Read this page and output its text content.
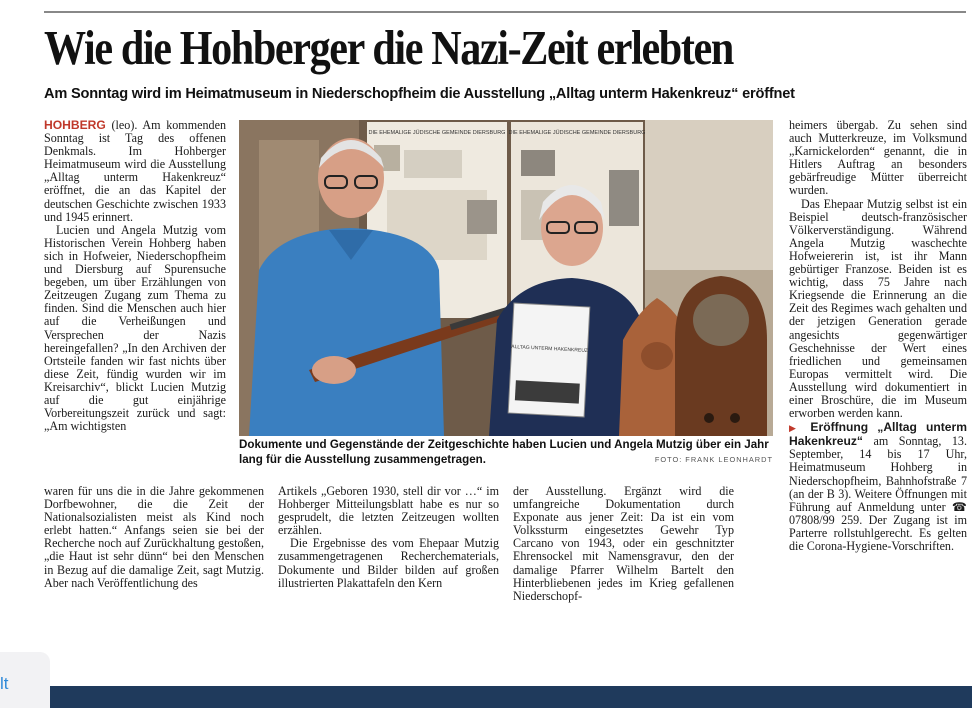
Wie die Hohberger die Nazi-Zeit erlebten
Am Sonntag wird im Heimatmuseum in Niederschopfheim die Ausstellung „Alltag unterm Hakenkreuz“ eröffnet

HOHBERG (leo). Am kommenden Sonntag ist Tag des offenen Denkmals. Im Hohberger Heimatmuseum wird die Ausstellung „Alltag unterm Hakenkreuz“ eröffnet, die an das Kapitel der deutschen Geschichte zwischen 1933 und 1945 erinnert.

Lucien und Angela Mutzig vom Historischen Verein Hohberg haben sich in Hofweier, Niederschopfheim und Diersburg auf Spurensuche begeben, um über Erzählungen von Zeitzeugen Zugang zum Thema zu finden. Sind die Menschen auch hier auf die Verheißungen und Versprechen der Nazis hereingefallen? „In den Archiven der Ortsteile fanden wir fast nichts über diese Zeit, fündig wurden wir im Kreisarchiv“, blickt Lucien Mutzig auf die gut einjährige Vorbereitungszeit zurück und sagt: „Am wichtigsten

DIE EHEMALIGE JÜDISCHE GEMEINDE DIERSBURG DIE EHEMALIGE JÜDISCHE GEMEINDE DIERSBURG
ALLTAG UNTERM HAKENKREUZ
Dokumente und Gegenstände der Zeitgeschichte haben Lucien und Angela Mutzig über ein Jahr lang für die Ausstellung zusammengetragen.	FOTO: FRANK LEONHARDT

waren für uns die in die Jahre gekommenen Dorfbewohner, die die Zeit der Nationalsozialisten meist als Kind noch erlebt hatten.“ Anfangs seien sie bei der Recherche noch auf Zurückhaltung gestoßen, „die Haut ist sehr dünn“ bei den Menschen in Bezug auf die damalige Zeit, sagt Mutzig. Aber nach Veröffentlichung des

Artikels „Geboren 1930, stell dir vor …“ im Hohberger Mitteilungsblatt habe es nur so gesprudelt, die letzten Zeitzeugen wollten erzählen.

Die Ergebnisse des vom Ehepaar Mutzig zusammengetragenen Recherchematerials, Dokumente und Bilder bilden auf großen illustrierten Plakattafeln den Kern

der Ausstellung. Ergänzt wird die umfangreiche Dokumentation durch Exponate aus jener Zeit: Da ist ein vom Volkssturm eingesetztes Gewehr Typ Carcano von 1943, oder ein geschnitzter Ehrensockel mit Namensgravur, den der damalige Pfarrer Wilhelm Bartelt den Hinterbliebenen jedes im Krieg gefallenen Niederschopf-

heimers übergab. Zu sehen sind auch Mutterkreuze, im Volksmund „Karnickelorden“ genannt, die in Hitlers Auftrag an besonders gebärfreudige Mütter überreicht wurden.

Das Ehepaar Mutzig selbst ist ein Beispiel deutsch-französischer Völkerverständigung. Während Angela Mutzig waschechte Hofweiererin ist, ist ihr Mann gebürtiger Franzose. Beiden ist es wichtig, dass 75 Jahre nach Kriegsende die Erinnerung an die Zeit des Regimes wach gehalten und der jetzigen Generation gerade angesichts gegenwärtiger Geschehnisse der Wert eines friedlichen und gemeinsamen Europas vermittelt wird. Die Ausstellung wird dokumentiert in einer Broschüre, die im Museum erworben werden kann.

▶ Eröffnung „Alltag unterm Hakenkreuz“ am Sonntag, 13. September, 14 bis 17 Uhr, Heimatmuseum Hohberg in Niederschopfheim, Bahnhofstraße 7 (an der B 3). Weitere Öffnungen mit Führung auf Anmeldung unter ☎ 07808/99 259. Der Zugang ist im Parterre rollstuhlgerecht. Es gelten die Corona-Hygiene-Vorschriften.

lt
